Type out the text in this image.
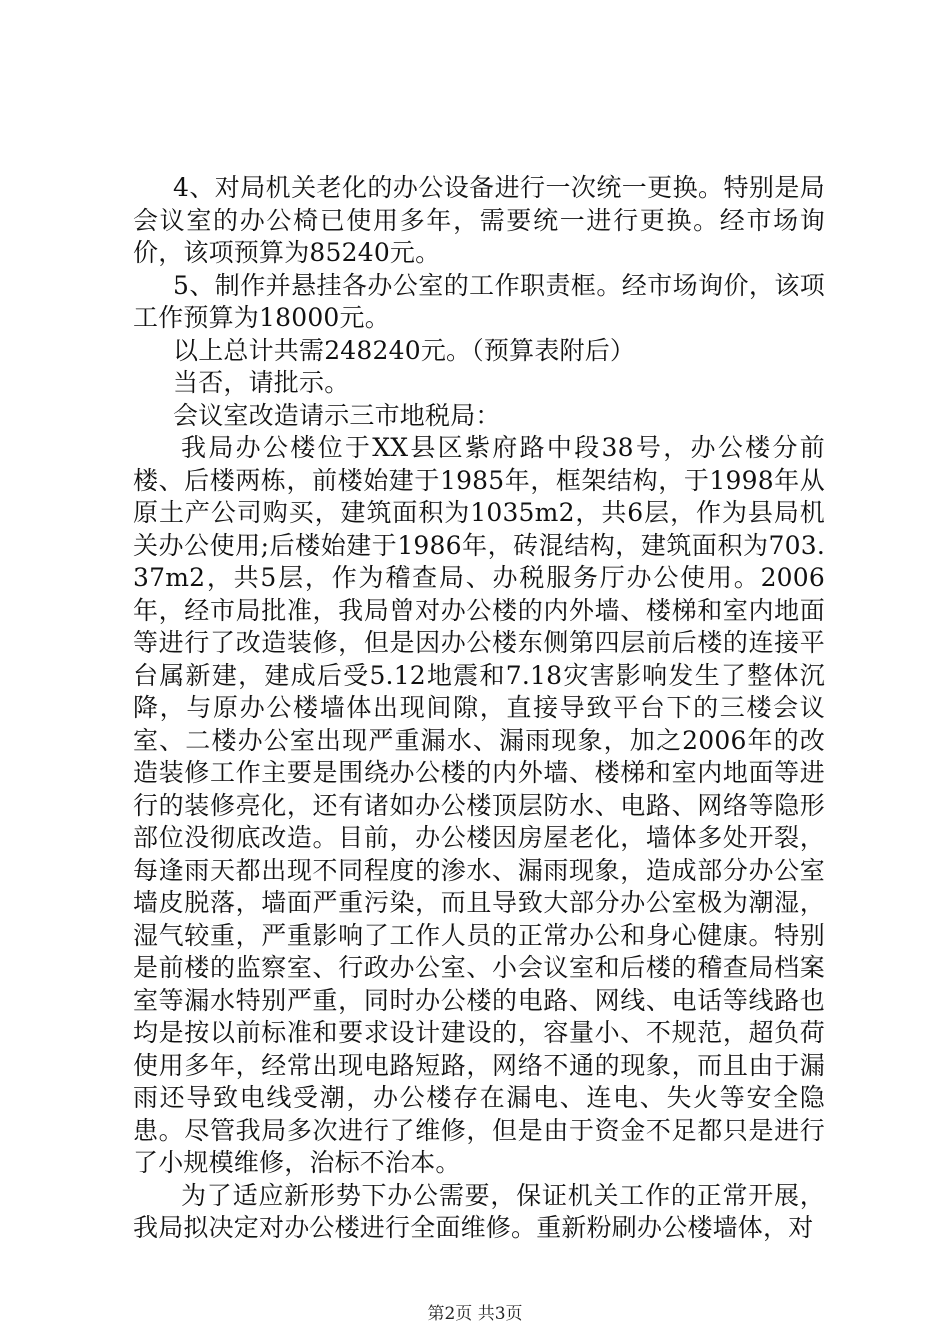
4、对局机关老化的办公设备进行一次统一更换。特别是局会议室的办公椅已使用多年，需要统一进行更换。经市场询价，该项预算为85240元。

5、制作并悬挂各办公室的工作职责框。经市场询价，该项工作预算为18000元。

以上总计共需248240元。（预算表附后）

当否，请批示。

会议室改造请示三市地税局：

我局办公楼位于XX县区紫府路中段38号，办公楼分前楼、后楼两栋，前楼始建于1985年，框架结构，于1998年从原土产公司购买，建筑面积为1035m2，共6层，作为县局机关办公使用;后楼始建于1986年，砖混结构，建筑面积为703.37m2，共5层，作为稽查局、办税服务厅办公使用。2006年，经市局批准，我局曾对办公楼的内外墙、楼梯和室内地面等进行了改造装修，但是因办公楼东侧第四层前后楼的连接平台属新建，建成后受5.12地震和7.18灾害影响发生了整体沉降，与原办公楼墙体出现间隙，直接导致平台下的三楼会议室、二楼办公室出现严重漏水、漏雨现象，加之2006年的改造装修工作主要是围绕办公楼的内外墙、楼梯和室内地面等进行的装修亮化，还有诸如办公楼顶层防水、电路、网络等隐形部位没彻底改造。目前，办公楼因房屋老化，墙体多处开裂，每逢雨天都出现不同程度的渗水、漏雨现象，造成部分办公室墙皮脱落，墙面严重污染，而且导致大部分办公室极为潮湿，湿气较重，严重影响了工作人员的正常办公和身心健康。特别是前楼的监察室、行政办公室、小会议室和后楼的稽查局档案室等漏水特别严重，同时办公楼的电路、网线、电话等线路也均是按以前标准和要求设计建设的，容量小、不规范，超负荷使用多年，经常出现电路短路，网络不通的现象，而且由于漏雨还导致电线受潮，办公楼存在漏电、连电、失火等安全隐患。尽管我局多次进行了维修，但是由于资金不足都只是进行了小规模维修，治标不治本。

为了适应新形势下办公需要，保证机关工作的正常开展，我局拟决定对办公楼进行全面维修。重新粉刷办公楼墙体，对

第2页 共3页
